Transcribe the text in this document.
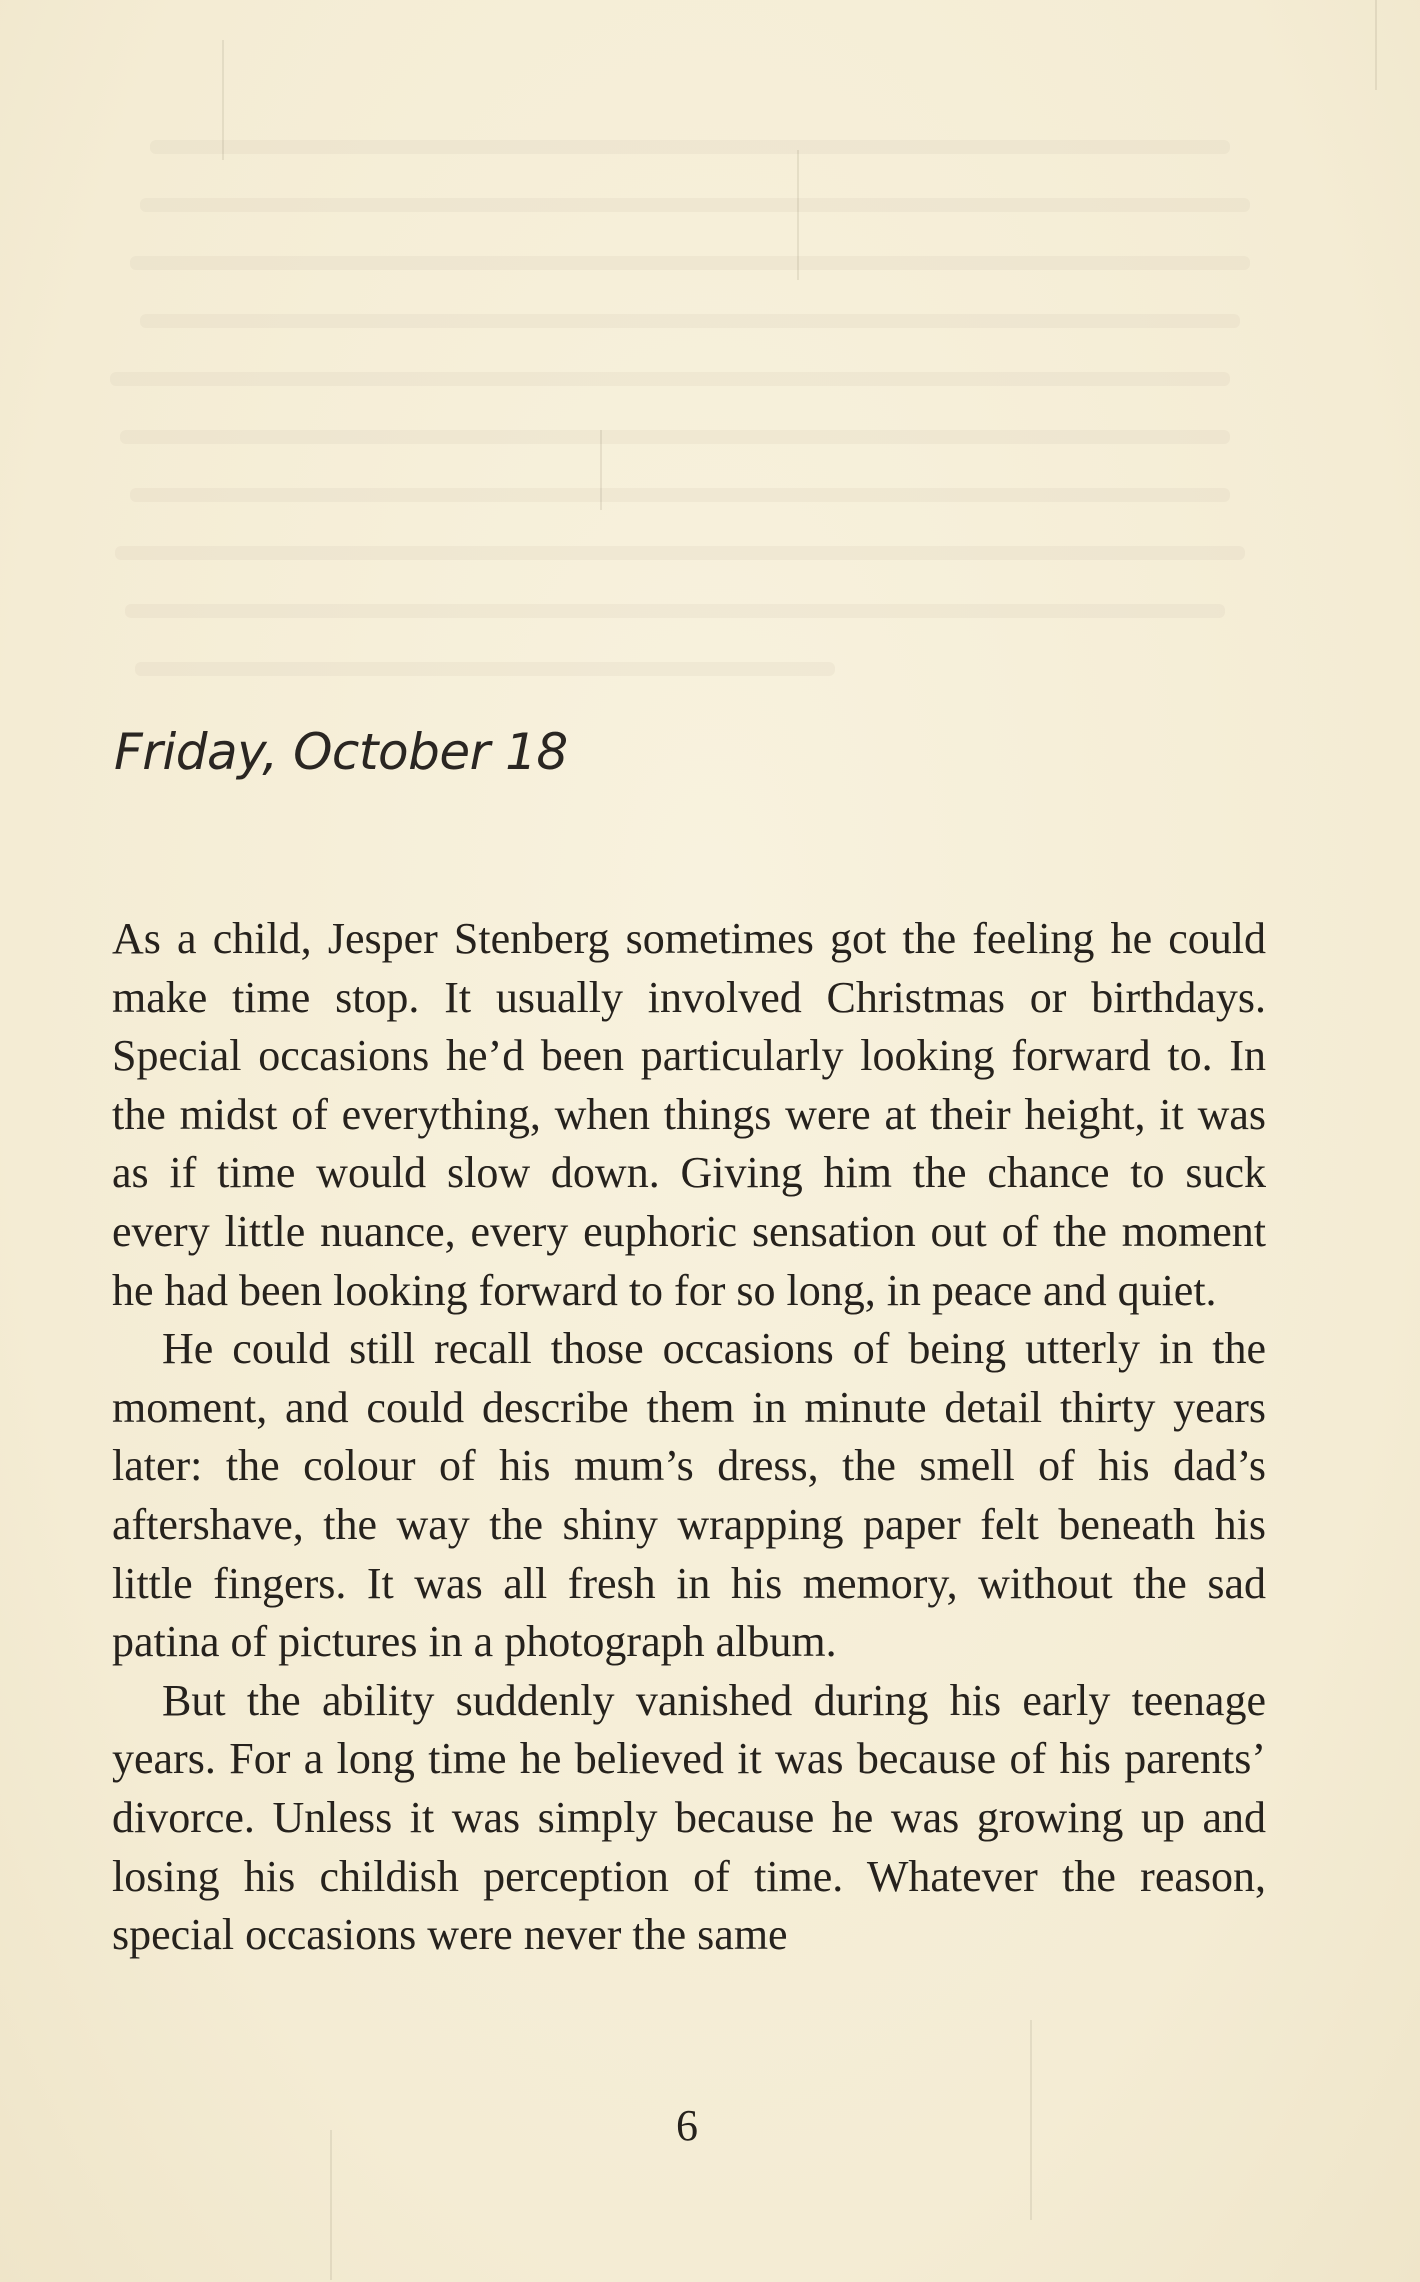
Friday, October 18

As a child, Jesper Stenberg sometimes got the feeling he could make time stop. It usually involved Christmas or birthdays. Special occasions he’d been particularly looking forward to. In the midst of everything, when things were at their height, it was as if time would slow down. Giving him the chance to suck every little nuance, every euphoric sensation out of the moment he had been looking forward to for so long, in peace and quiet.

He could still recall those occasions of being utterly in the moment, and could describe them in minute detail thirty years later: the colour of his mum’s dress, the smell of his dad’s aftershave, the way the shiny wrapping paper felt beneath his little fingers. It was all fresh in his memory, without the sad patina of pictures in a photograph album.

But the ability suddenly vanished during his early teenage years. For a long time he believed it was because of his parents’ divorce. Unless it was simply because he was growing up and losing his childish perception of time. Whatever the reason, special occasions were never the same

6
